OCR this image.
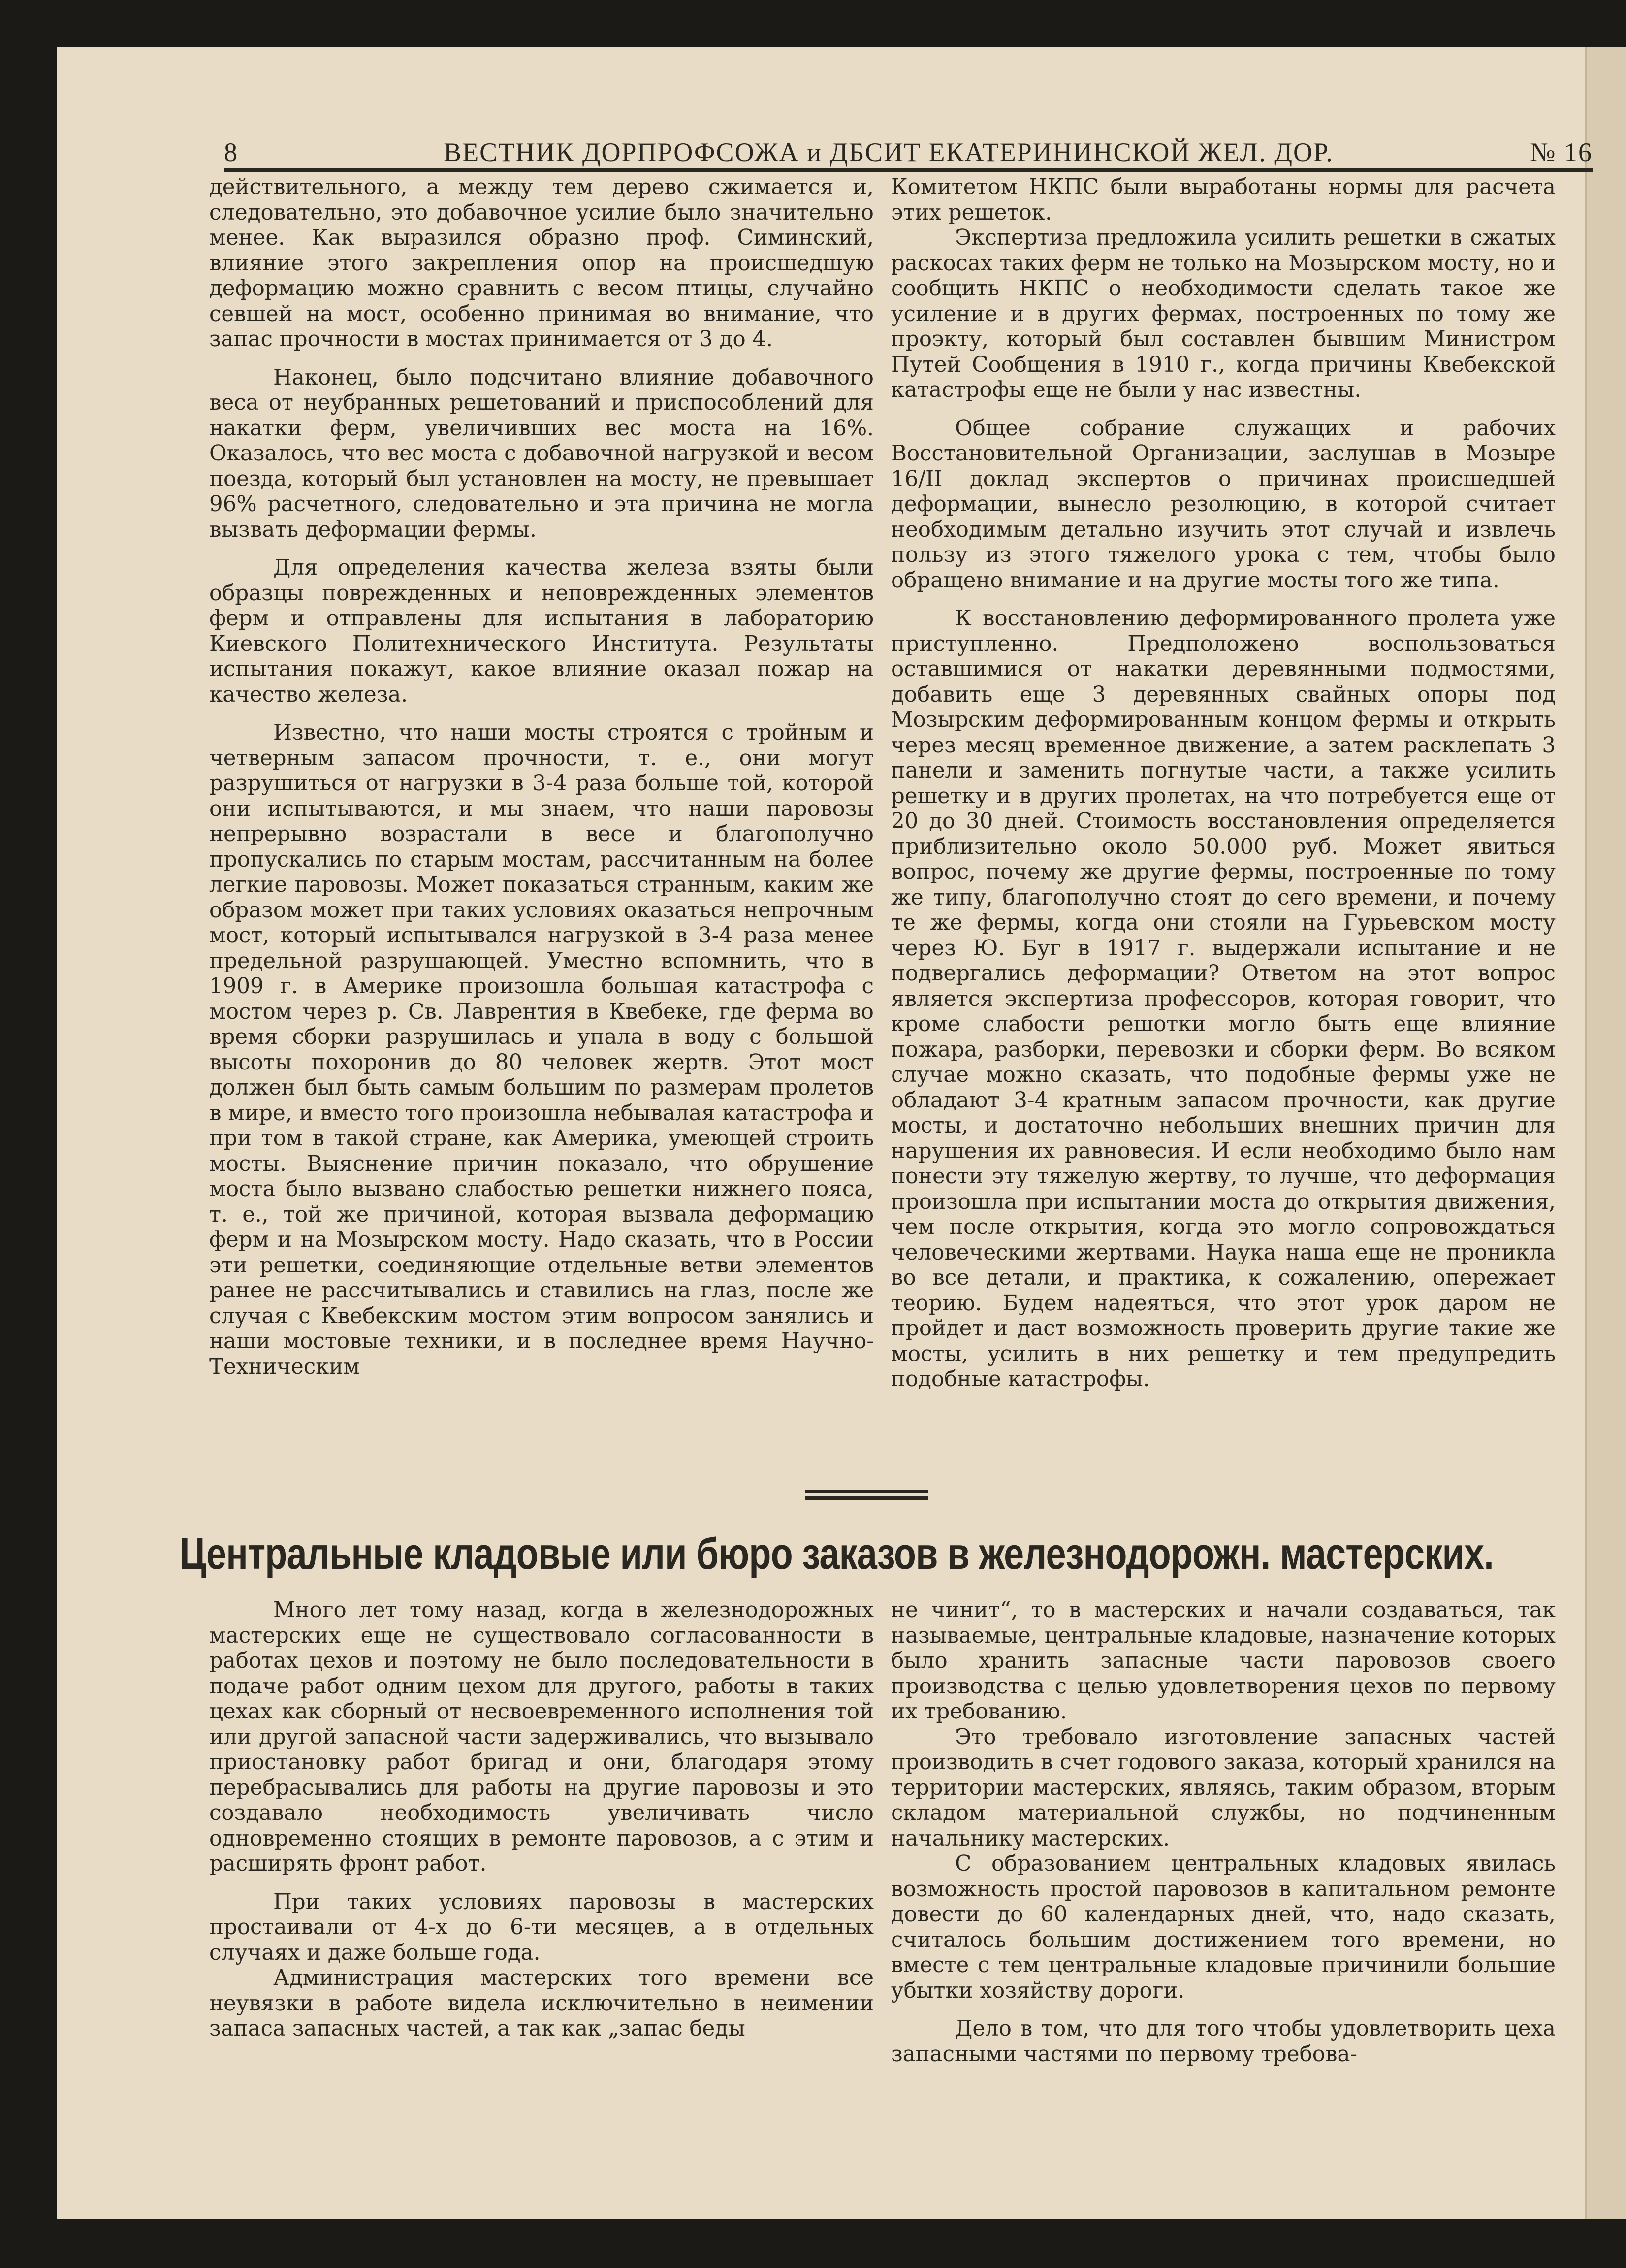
8	ВЕСТНИК ДОРПРОФСОЖА и ДБСИТ ЕКАТЕРИНИНСКОЙ ЖЕЛ. ДОР.	№ 16

действительного, а между тем дерево сжимается и, следовательно, это добавочное усилие было значительно менее. Как выразился образно проф. Симинский, влияние этого закрепления опор на происшедшую деформацию можно сравнить с весом птицы, случайно севшей на мост, особенно принимая во внимание, что запас прочности в мостах принимается от 3 до 4.

Наконец, было подсчитано влияние добавочного веса от неубранных решетований и приспособлений для накатки ферм, увеличивших вес моста на 16%. Оказалось, что вес моста с добавочной нагрузкой и весом поезда, который был установлен на мосту, не превышает 96% расчетного, следовательно и эта причина не могла вызвать деформации фермы.

Для определения качества железа взяты были образцы поврежденных и неповрежденных элементов ферм и отправлены для испытания в лабораторию Киевского Политехнического Института. Результаты испытания покажут, какое влияние оказал пожар на качество железа.

Известно, что наши мосты строятся с тройным и четверным запасом прочности, т. е., они могут разрушиться от нагрузки в 3-4 раза больше той, которой они испытываются, и мы знаем, что наши паровозы непрерывно возрастали в весе и благополучно пропускались по старым мостам, рассчитанным на более легкие паровозы. Может показаться странным, каким же образом может при таких условиях оказаться непрочным мост, который испытывался нагрузкой в 3-4 раза менее предельной разрушающей. Уместно вспомнить, что в 1909 г. в Америке произошла большая катастрофа с мостом через р. Св. Лаврентия в Квебеке, где ферма во время сборки разрушилась и упала в воду с большой высоты похоронив до 80 человек жертв. Этот мост должен был быть самым большим по размерам пролетов в мире, и вместо того произошла небывалая катастрофа и при том в такой стране, как Америка, умеющей строить мосты. Выяснение причин показало, что обрушение моста было вызвано слабостью решетки нижнего пояса, т. е., той же причиной, которая вызвала деформацию ферм и на Мозырском мосту. Надо сказать, что в России эти решетки, соединяющие отдельные ветви элементов ранее не рассчитывались и ставились на глаз, после же случая с Квебекским мостом этим вопросом занялись и наши мостовые техники, и в последнее время Научно-Техническим

Комитетом НКПС были выработаны нормы для расчета этих решеток.

Экспертиза предложила усилить решетки в сжатых раскосах таких ферм не только на Мозырском мосту, но и сообщить НКПС о необходимости сделать такое же усиление и в других фермах, построенных по тому же проэкту, который был составлен бывшим Министром Путей Сообщения в 1910 г., когда причины Квебекской катастрофы еще не были у нас известны.

Общее собрание служащих и рабочих Восстановительной Организации, заслушав в Мозыре 16/II доклад экспертов о причинах происшедшей деформации, вынесло резолюцию, в которой считает необходимым детально изучить этот случай и извлечь пользу из этого тяжелого урока с тем, чтобы было обращено внимание и на другие мосты того же типа.

К восстановлению деформированного пролета уже приступленно. Предположено воспользоваться оставшимися от накатки деревянными подмостями, добавить еще 3 деревянных свайных опоры под Мозырским деформированным концом фермы и открыть через месяц временное движение, а затем расклепать 3 панели и заменить погнутые части, а также усилить решетку и в других пролетах, на что потребуется еще от 20 до 30 дней. Стоимость восстановления определяется приблизительно около 50.000 руб. Может явиться вопрос, почему же другие фермы, построенные по тому же типу, благополучно стоят до сего времени, и почему те же фермы, когда они стояли на Гурьевском мосту через Ю. Буг в 1917 г. выдержали испытание и не подвергались деформации? Ответом на этот вопрос является экспертиза профессоров, которая говорит, что кроме слабости решотки могло быть еще влияние пожара, разборки, перевозки и сборки ферм. Во всяком случае можно сказать, что подобные фермы уже не обладают 3-4 кратным запасом прочности, как другие мосты, и достаточно небольших внешних причин для нарушения их равновесия. И если необходимо было нам понести эту тяжелую жертву, то лучше, что деформация произошла при испытании моста до открытия движения, чем после открытия, когда это могло сопровождаться человеческими жертвами. Наука наша еще не проникла во все детали, и практика, к сожалению, опережает теорию. Будем надеяться, что этот урок даром не пройдет и даст возможность проверить другие такие же мосты, усилить в них решетку и тем предупредить подобные катастрофы.

Центральные кладовые или бюро заказов в железнодорожн. мастерских.

Много лет тому назад, когда в железнодорожных мастерских еще не существовало согласованности в работах цехов и поэтому не было последовательности в подаче работ одним цехом для другого, работы в таких цехах как сборный от несвоевременного исполнения той или другой запасной части задерживались, что вызывало приостановку работ бригад и они, благодаря этому перебрасывались для работы на другие паровозы и это создавало необходимость увеличивать число одновременно стоящих в ремонте паровозов, а с этим и расширять фронт работ.

При таких условиях паровозы в мастерских простаивали от 4-х до 6-ти месяцев, а в отдельных случаях и даже больше года.

Администрация мастерских того времени все неувязки в работе видела исключительно в неимении запаса запасных частей, а так как „запас беды

не чинит“, то в мастерских и начали создаваться, так называемые, центральные кладовые, назначение которых было хранить запасные части паровозов своего производства с целью удовлетворения цехов по первому их требованию.

Это требовало изготовление запасных частей производить в счет годового заказа, который хранился на территории мастерских, являясь, таким образом, вторым складом материальной службы, но подчиненным начальнику мастерских.

С образованием центральных кладовых явилась возможность простой паровозов в капитальном ремонте довести до 60 календарных дней, что, надо сказать, считалось большим достижением того времени, но вместе с тем центральные кладовые причинили большие убытки хозяйству дороги.

Дело в том, что для того чтобы удовлетворить цеха запасными частями по первому требова-
